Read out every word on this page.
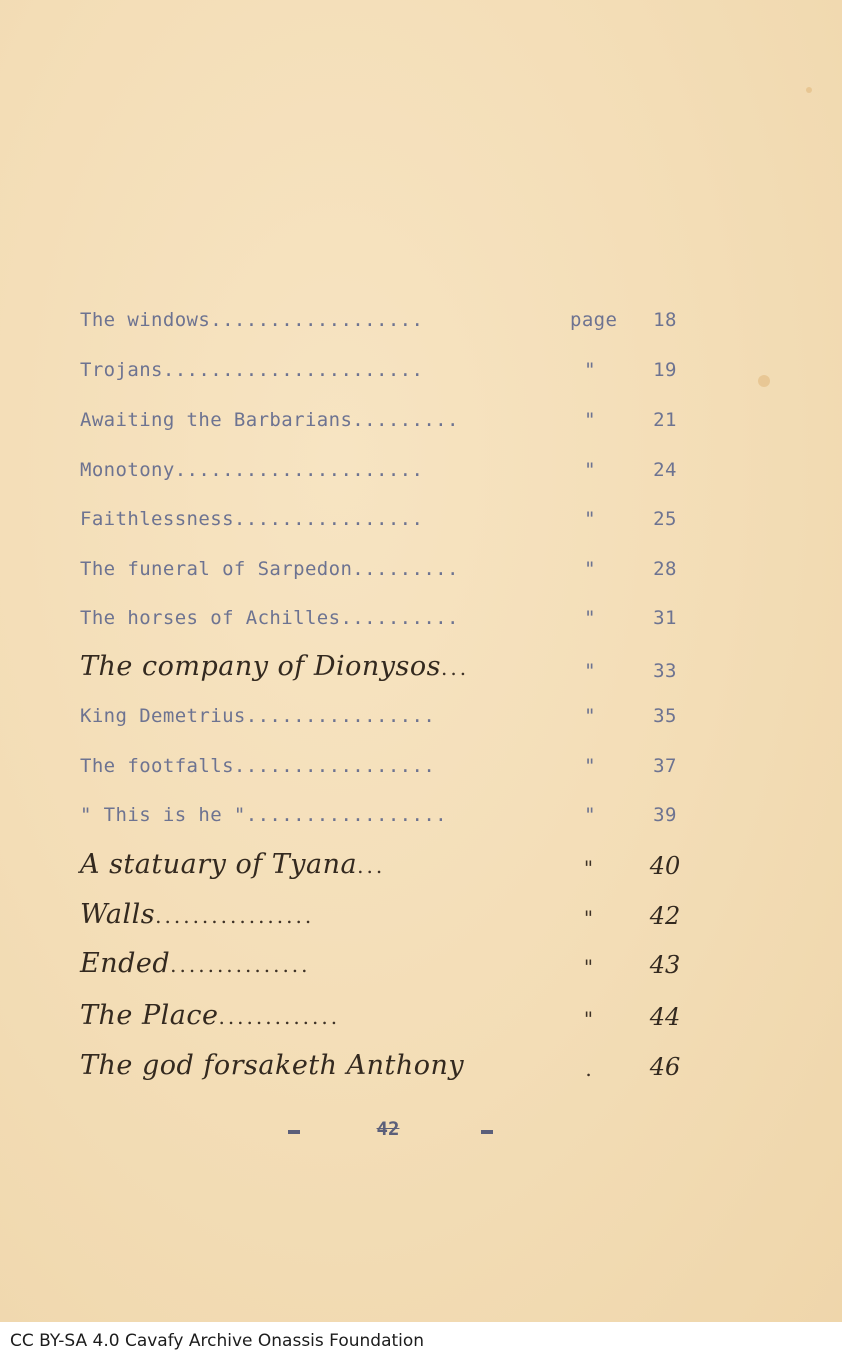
The windows..................	page	18
Trojans......................	"	19
Awaiting the Barbarians.........	"	21
Monotony.....................	"	24
Faithlessness................	"	25
The funeral of Sarpedon.........	"	28
The horses of Achilles..........	"	31
The company of Dionysos...	"	33
King Demetrius................	"	35
The footfalls.................	"	37
" This is he ".................	"	39
A statuary of Tyana...	"	40
Walls.................	"	42
Ended...............	"	43
The Place.............	"	44
The god forsaketh Anthony	.	46
42
CC BY-SA 4.0 Cavafy Archive Onassis Foundation
